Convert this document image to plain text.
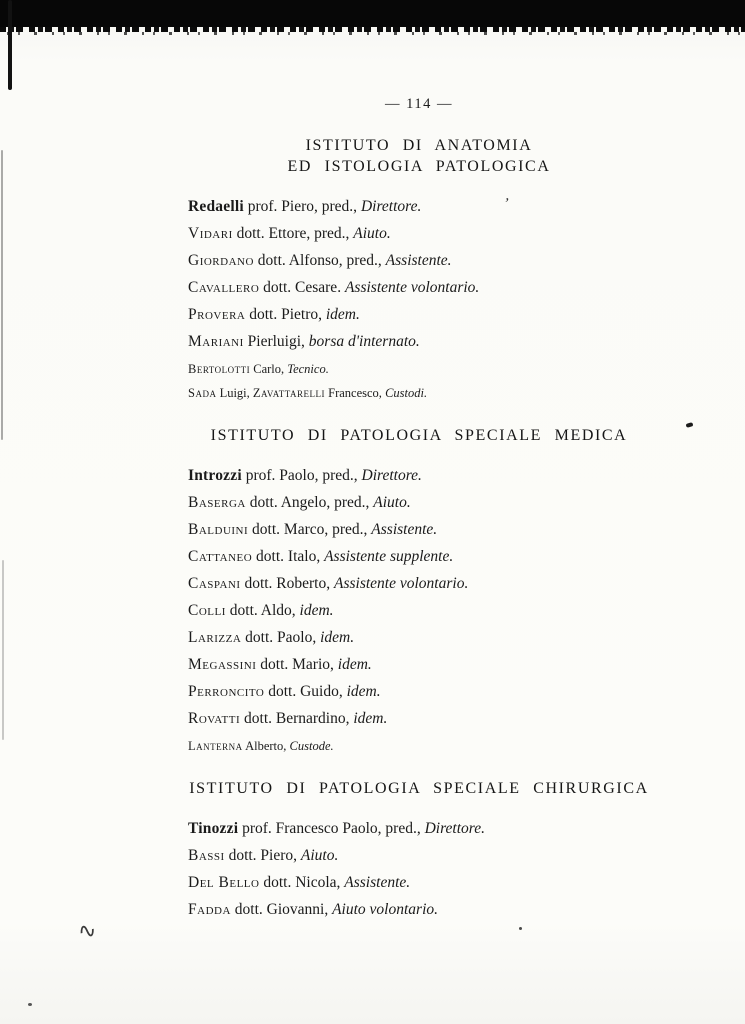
ʼ
∿

— 114 —

ISTITUTO DI ANATOMIA
ED ISTOLOGIA PATOLOGICA

Redaelli prof. Piero, pred., Direttore.

Vidari dott. Ettore, pred., Aiuto.

Giordano dott. Alfonso, pred., Assistente.

Cavallero dott. Cesare. Assistente volontario.

Provera dott. Pietro, idem.

Mariani Pierluigi, borsa d'internato.

Bertolotti Carlo, Tecnico.

Sada Luigi, Zavattarelli Francesco, Custodi.

ISTITUTO DI PATOLOGIA SPECIALE MEDICA

Introzzi prof. Paolo, pred., Direttore.

Baserga dott. Angelo, pred., Aiuto.

Balduini dott. Marco, pred., Assistente.

Cattaneo dott. Italo, Assistente supplente.

Caspani dott. Roberto, Assistente volontario.

Colli dott. Aldo, idem.

Larizza dott. Paolo, idem.

Megassini dott. Mario, idem.

Perroncito dott. Guido, idem.

Rovatti dott. Bernardino, idem.

Lanterna Alberto, Custode.

ISTITUTO DI PATOLOGIA SPECIALE CHIRURGICA

Tinozzi prof. Francesco Paolo, pred., Direttore.

Bassi dott. Piero, Aiuto.

Del Bello dott. Nicola, Assistente.

Fadda dott. Giovanni, Aiuto volontario.
